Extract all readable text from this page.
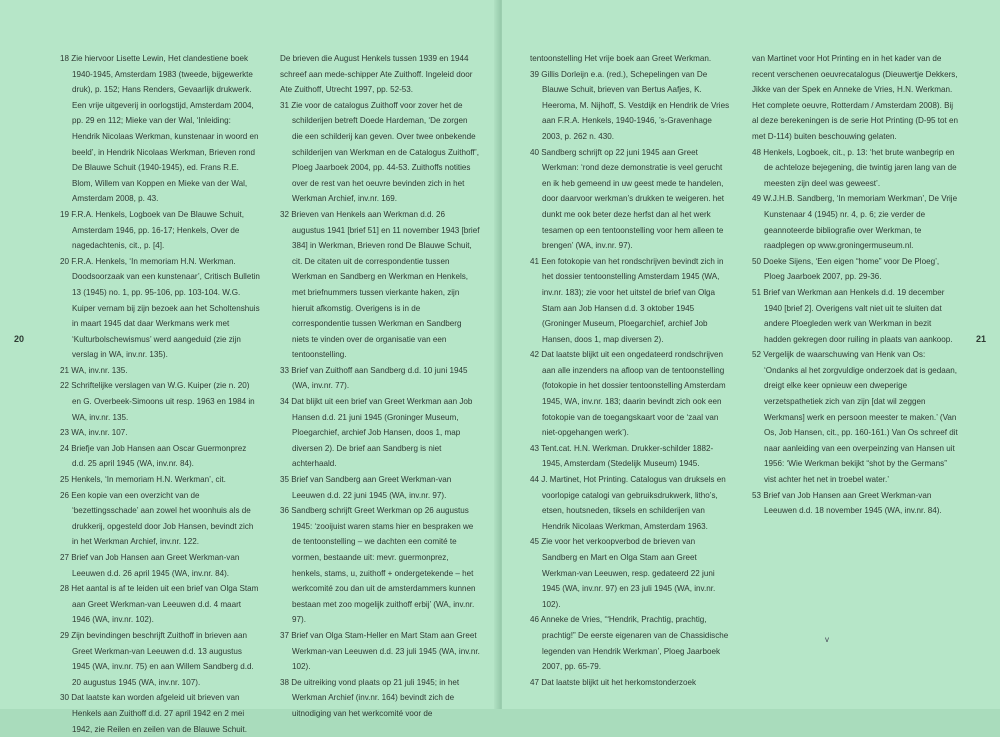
18 Zie hiervoor Lisette Lewin, Het clandestiene boek 1940-1945, Amsterdam 1983 (tweede, bijgewerkte druk), p. 152; Hans Renders, Gevaarlijk drukwerk. Een vrije uitgeverij in oorlogstijd, Amsterdam 2004, pp. 29 en 112; Mieke van der Wal, ‘Inleiding: Hendrik Nicolaas Werkman, kunstenaar in woord en beeld’, in Hendrik Nicolaas Werkman, Brieven rond De Blauwe Schuit (1940-1945), ed. Frans R.E. Blom, Willem van Koppen en Mieke van der Wal, Amsterdam 2008, p. 43.

19 F.R.A. Henkels, Logboek van De Blauwe Schuit, Amsterdam 1946, pp. 16-17; Henkels, Over de nagedachtenis, cit., p. [4].

20 F.R.A. Henkels, ‘In memoriam H.N. Werkman. Doodsoorzaak van een kunstenaar’, Critisch Bulletin 13 (1945) no. 1, pp. 95-106, pp. 103-104. W.G. Kuiper vernam bij zijn bezoek aan het Scholtenshuis in maart 1945 dat daar Werkmans werk met ‘Kulturbolschewismus’ werd aangeduid (zie zijn verslag in WA, inv.nr. 135).

21 WA, inv.nr. 135.

22 Schriftelijke verslagen van W.G. Kuiper (zie n. 20) en G. Overbeek-Simoons uit resp. 1963 en 1984 in WA, inv.nr. 135.

23 WA, inv.nr. 107.

24 Briefje van Job Hansen aan Oscar Guermonprez d.d. 25 april 1945 (WA, inv.nr. 84).

25 Henkels, ‘In memoriam H.N. Werkman’, cit.

26 Een kopie van een overzicht van de ‘bezettingsschade’ aan zowel het woonhuis als de drukkerij, opgesteld door Job Hansen, bevindt zich in het Werkman Archief, inv.nr. 122.

27 Brief van Job Hansen aan Greet Werkman-van Leeuwen d.d. 26 april 1945 (WA, inv.nr. 84).

28 Het aantal is af te leiden uit een brief van Olga Stam aan Greet Werkman-van Leeuwen d.d. 4 maart 1946 (WA, inv.nr. 102).

29 Zijn bevindingen beschrijft Zuithoff in brieven aan Greet Werkman-van Leeuwen d.d. 13 augustus 1945 (WA, inv.nr. 75) en aan Willem Sandberg d.d. 20 augustus 1945 (WA, inv.nr. 107).

30 Dat laatste kan worden afgeleid uit brieven van Henkels aan Zuithoff d.d. 27 april 1942 en 2 mei 1942, zie Reilen en zeilen van de Blauwe Schuit.

De brieven die August Henkels tussen 1939 en 1944 schreef aan mede-schipper Ate Zuithoff. Ingeleid door Ate Zuithoff, Utrecht 1997, pp. 52-53.

31 Zie voor de catalogus Zuithoff voor zover het de schilderijen betreft Doede Hardeman, ‘De zorgen die een schilderij kan geven. Over twee onbekende schilderijen van Werkman en de Catalogus Zuithoff’, Ploeg Jaarboek 2004, pp. 44-53. Zuithoffs notities over de rest van het oeuvre bevinden zich in het Werkman Archief, inv.nr. 169.

32 Brieven van Henkels aan Werkman d.d. 26 augustus 1941 [brief 51] en 11 november 1943 [brief 384] in Werkman, Brieven rond De Blauwe Schuit, cit. De citaten uit de correspondentie tussen Werkman en Sandberg en Werkman en Henkels, met briefnummers tussen vierkante haken, zijn hieruit afkomstig. Overigens is in de correspondentie tussen Werkman en Sandberg niets te vinden over de organisatie van een tentoonstelling.

33 Brief van Zuithoff aan Sandberg d.d. 10 juni 1945 (WA, inv.nr. 77).

34 Dat blijkt uit een brief van Greet Werkman aan Job Hansen d.d. 21 juni 1945 (Groninger Museum, Ploegarchief, archief Job Hansen, doos 1, map diversen 2). De brief aan Sandberg is niet achterhaald.

35 Brief van Sandberg aan Greet Werkman-van Leeuwen d.d. 22 juni 1945 (WA, inv.nr. 97).

36 Sandberg schrijft Greet Werkman op 26 augustus 1945: ‘zooijuist waren stams hier en bespraken we de tentoonstelling – we dachten een comité te vormen, bestaande uit: mevr. guermonprez, henkels, stams, u, zuithoff + ondergetekende – het werkcomité zou dan uit de amsterdammers kunnen bestaan met zoo mogelijk zuithoff erbij’ (WA, inv.nr. 97).

37 Brief van Olga Stam-Heller en Mart Stam aan Greet Werkman-van Leeuwen d.d. 23 juli 1945 (WA, inv.nr. 102).

38 De uitreiking vond plaats op 21 juli 1945; in het Werkman Archief (inv.nr. 164) bevindt zich de uitnodiging van het werkcomité voor de

20

tentoonstelling Het vrije boek aan Greet Werkman.

39 Gillis Dorleijn e.a. (red.), Schepelingen van De Blauwe Schuit, brieven van Bertus Aafjes, K. Heeroma, M. Nijhoff, S. Vestdijk en Hendrik de Vries aan F.R.A. Henkels, 1940-1946, ’s-Gravenhage 2003, p. 262 n. 430.

40 Sandberg schrijft op 22 juni 1945 aan Greet Werkman: ‘rond deze demonstratie is veel gerucht en ik heb gemeend in uw geest mede te handelen, door daarvoor werkman’s drukken te weigeren. het dunkt me ook beter deze herfst dan al het werk tesamen op een tentoonstelling voor hem alleen te brengen’ (WA, inv.nr. 97).

41 Een fotokopie van het rondschrijven bevindt zich in het dossier tentoonstelling Amsterdam 1945 (WA, inv.nr. 183); zie voor het uitstel de brief van Olga Stam aan Job Hansen d.d. 3 oktober 1945 (Groninger Museum, Ploegarchief, archief Job Hansen, doos 1, map diversen 2).

42 Dat laatste blijkt uit een ongedateerd rondschrijven aan alle inzenders na afloop van de tentoonstelling (fotokopie in het dossier tentoonstelling Amsterdam 1945, WA, inv.nr. 183; daarin bevindt zich ook een fotokopie van de toegangskaart voor de ‘zaal van niet-opgehangen werk’).

43 Tent.cat. H.N. Werkman. Drukker-schilder 1882-1945, Amsterdam (Stedelijk Museum) 1945.

44 J. Martinet, Hot Printing. Catalogus van druksels en voorlopige catalogi van gebruiksdrukwerk, litho’s, etsen, houtsneden, tiksels en schilderijen van Hendrik Nicolaas Werkman, Amsterdam 1963.

45 Zie voor het verkoopverbod de brieven van Sandberg en Mart en Olga Stam aan Greet Werkman-van Leeuwen, resp. gedateerd 22 juni 1945 (WA, inv.nr. 97) en 23 juli 1945 (WA, inv.nr. 102).

46 Anneke de Vries, ‘“Hendrik, Prachtig, prachtig, prachtig!” De eerste eigenaren van de Chassidische legenden van Hendrik Werkman’, Ploeg Jaarboek 2007, pp. 65-79.

47 Dat laatste blijkt uit het herkomstonderzoek

van Martinet voor Hot Printing en in het kader van de recent verschenen oeuvrecatalogus (Dieuwertje Dekkers, Jikke van der Spek en Anneke de Vries, H.N. Werkman. Het complete oeuvre, Rotterdam / Amsterdam 2008). Bij al deze berekeningen is de serie Hot Printing (D-95 tot en met D-114) buiten beschouwing gelaten.

48 Henkels, Logboek, cit., p. 13: ‘het brute wanbegrip en de achteloze bejegening, die twintig jaren lang van de meesten zijn deel was geweest’.

49 W.J.H.B. Sandberg, ‘In memoriam Werkman’, De Vrije Kunstenaar 4 (1945) nr. 4, p. 6; zie verder de geannoteerde bibliografie over Werkman, te raadplegen op www.groningermuseum.nl.

50 Doeke Sijens, ‘Een eigen “home” voor De Ploeg’, Ploeg Jaarboek 2007, pp. 29-36.

51 Brief van Werkman aan Henkels d.d. 19 december 1940 [brief 2]. Overigens valt niet uit te sluiten dat andere Ploegleden werk van Werkman in bezit hadden gekregen door ruiling in plaats van aankoop.

52 Vergelijk de waarschuwing van Henk van Os: ‘Ondanks al het zorgvuldige onderzoek dat is gedaan, dreigt elke keer opnieuw een dweperige verzetspathetiek zich van zijn [dat wil zeggen Werkmans] werk en persoon meester te maken.’ (Van Os, Job Hansen, cit., pp. 160-161.) Van Os schreef dit naar aanleiding van een overpeinzing van Hansen uit 1956: ‘Wie Werkman bekijkt “shot by the Germans” vist achter het net in troebel water.’

53 Brief van Job Hansen aan Greet Werkman-van Leeuwen d.d. 18 november 1945 (WA, inv.nr. 84).

21
v
